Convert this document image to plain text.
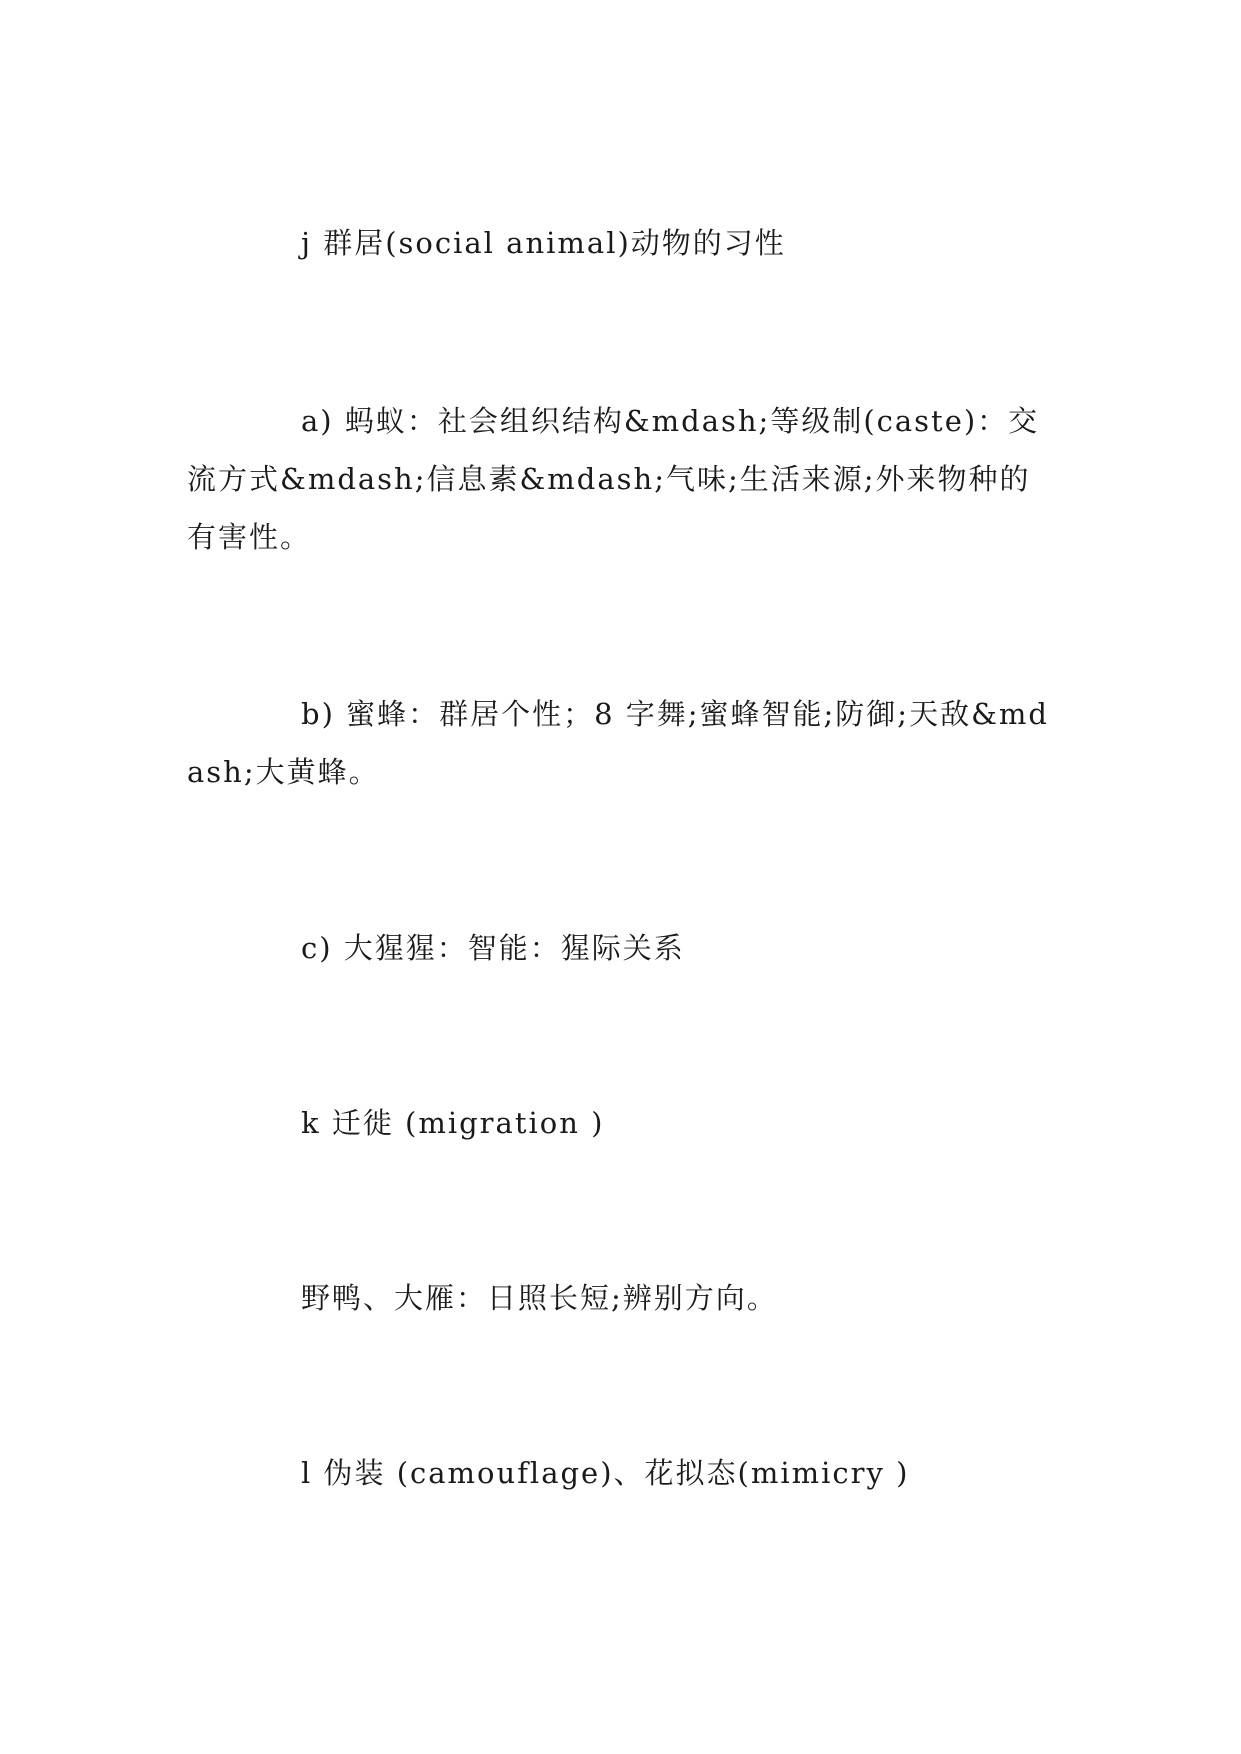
j 群居(social animal)动物的习性

a) 蚂蚁：社会组织结构&mdash;等级制(caste)：交流方式&mdash;信息素&mdash;气味;生活来源;外来物种的有害性。

b) 蜜蜂：群居个性；8 字舞;蜜蜂智能;防御;天敌&mdash;大黄蜂。

c) 大猩猩：智能：猩际关系

k 迁徙 (migration )

野鸭、大雁：日照长短;辨别方向。

l 伪装 (camouflage)、花拟态(mimicry )
